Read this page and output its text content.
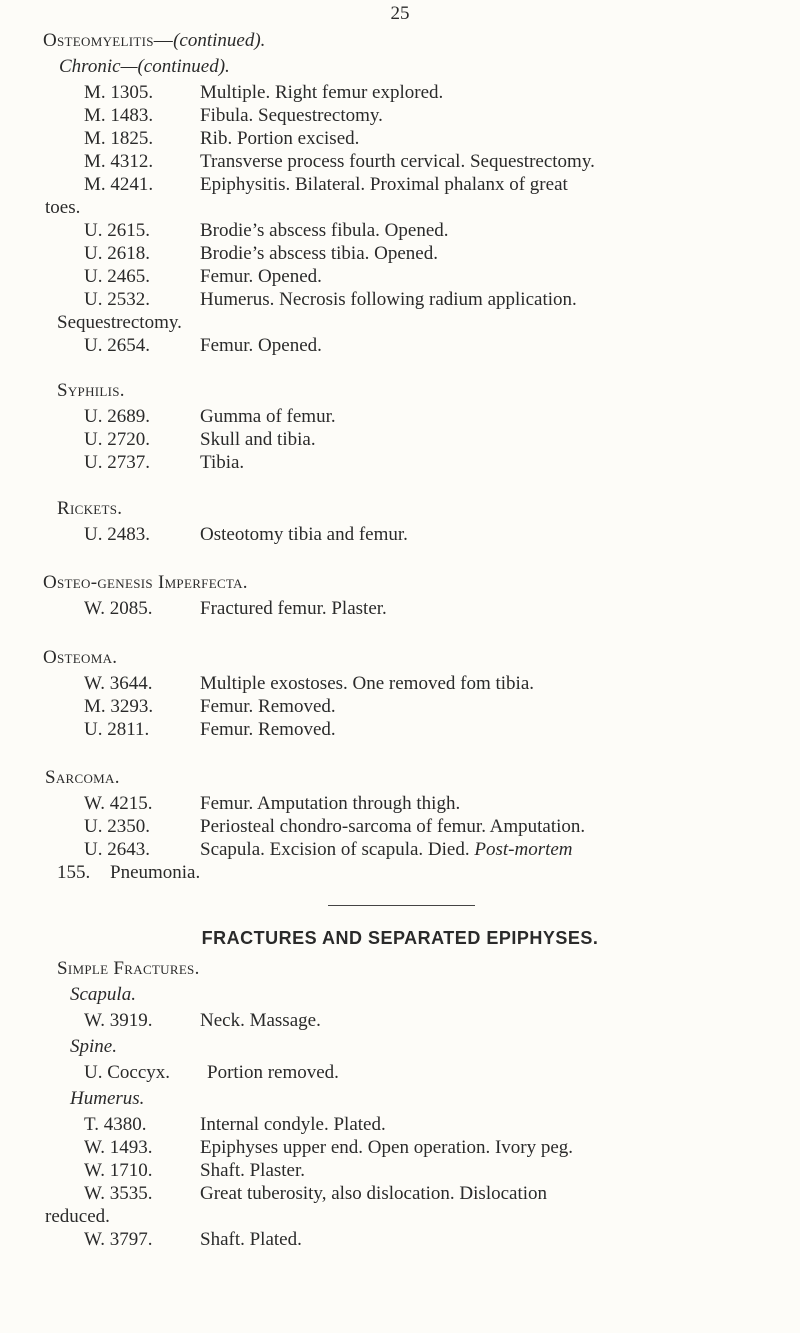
25
Osteomyelitis—(continued).
Chronic—(continued).
M. 1305. Multiple. Right femur explored.
M. 1483. Fibula. Sequestrectomy.
M. 1825. Rib. Portion excised.
M. 4312. Transverse process fourth cervical. Sequestrectomy.
M. 4241. Epiphysitis. Bilateral. Proximal phalanx of great
toes.
U. 2615.	Brodie’s abscess fibula. Opened.
U. 2618.	Brodie’s abscess tibia. Opened.
U. 2465.	Femur. Opened.
U. 2532.	Humerus. Necrosis following radium application.
Sequestrectomy.
U. 2654.	Femur. Opened.
Syphilis.
U. 2689.	Gumma of femur.
U. 2720.	Skull and tibia.
U. 2737.	Tibia.
Rickets.
U. 2483.	Osteotomy tibia and femur.
Osteo-genesis Imperfecta.
W. 2085.	Fractured femur. Plaster.
Osteoma.
W. 3644.	Multiple exostoses. One removed fom tibia.
M. 3293. Femur. Removed.
U. 2811.	Femur. Removed.
Sarcoma.
W. 4215.	Femur. Amputation through thigh.
U. 2350.	Periosteal chondro-sarcoma of femur. Amputation.
U. 2643.	Scapula. Excision of scapula. Died. Post-mortem
155. Pneumonia.
FRACTURES AND SEPARATED EPIPHYSES.
Simple Fractures.
Scapula.
W. 3919.	Neck. Massage.
Spine.
U. Coccyx. Portion removed.
Humerus.
T. 4380.	Internal condyle. Plated.
W. 1493.	Epiphyses upper end. Open operation. Ivory peg.
W. 1710.	Shaft. Plaster.
W. 3535.	Great tuberosity, also dislocation. Dislocation
reduced.
W. 3797.	Shaft. Plated.
